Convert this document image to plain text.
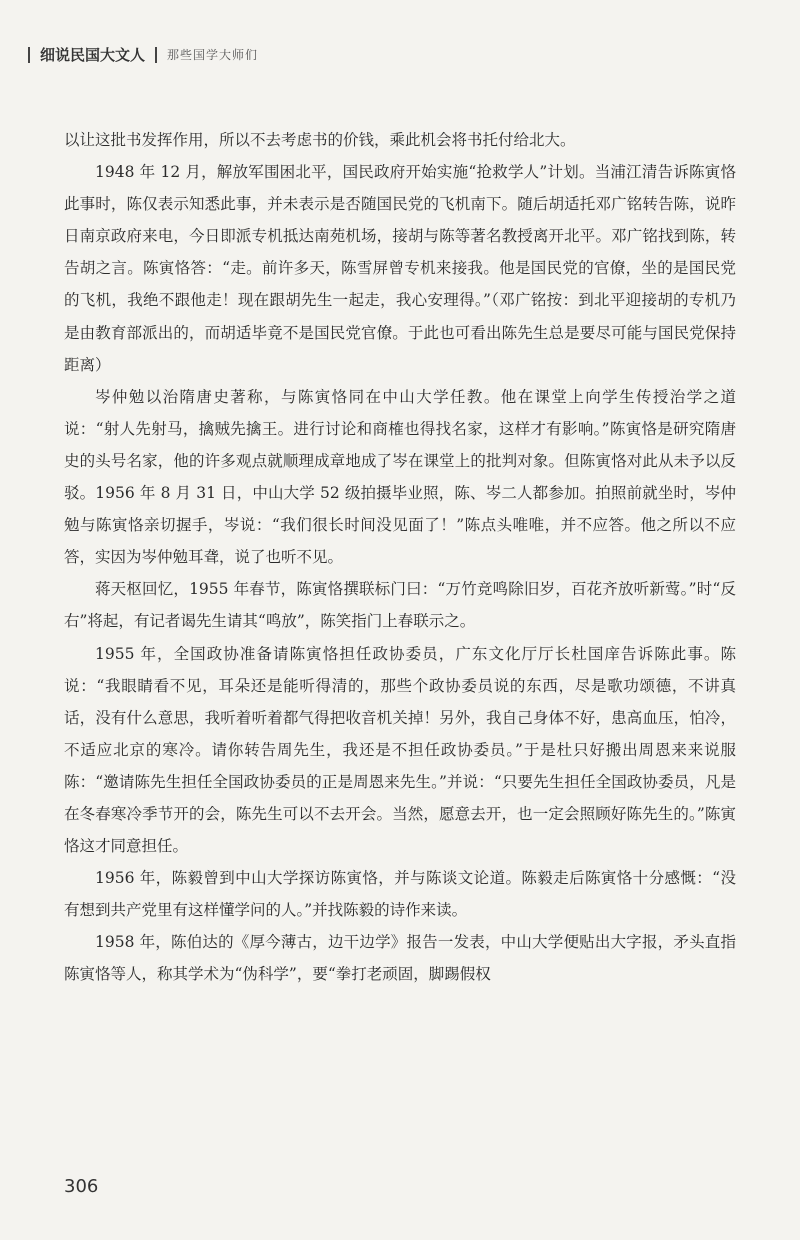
细说民国大文人 那些国学大师们

以让这批书发挥作用，所以不去考虑书的价钱，乘此机会将书托付给北大。

1948 年 12 月，解放军围困北平，国民政府开始实施“抢救学人”计划。当浦江清告诉陈寅恪此事时，陈仅表示知悉此事，并未表示是否随国民党的飞机南下。随后胡适托邓广铭转告陈，说昨日南京政府来电，今日即派专机抵达南苑机场，接胡与陈等著名教授离开北平。邓广铭找到陈，转告胡之言。陈寅恪答：“走。前许多天，陈雪屏曾专机来接我。他是国民党的官僚，坐的是国民党的飞机，我绝不跟他走！现在跟胡先生一起走，我心安理得。”（邓广铭按：到北平迎接胡的专机乃是由教育部派出的，而胡适毕竟不是国民党官僚。于此也可看出陈先生总是要尽可能与国民党保持距离）

岑仲勉以治隋唐史著称，与陈寅恪同在中山大学任教。他在课堂上向学生传授治学之道说：“射人先射马，擒贼先擒王。进行讨论和商榷也得找名家，这样才有影响。”陈寅恪是研究隋唐史的头号名家，他的许多观点就顺理成章地成了岑在课堂上的批判对象。但陈寅恪对此从未予以反驳。1956 年 8 月 31 日，中山大学 52 级拍摄毕业照，陈、岑二人都参加。拍照前就坐时，岑仲勉与陈寅恪亲切握手，岑说：“我们很长时间没见面了！”陈点头唯唯，并不应答。他之所以不应答，实因为岑仲勉耳聋，说了也听不见。

蒋天枢回忆，1955 年春节，陈寅恪撰联标门曰：“万竹竞鸣除旧岁，百花齐放听新莺。”时“反右”将起，有记者谒先生请其“鸣放”，陈笑指门上春联示之。

1955 年，全国政协准备请陈寅恪担任政协委员，广东文化厅厅长杜国庠告诉陈此事。陈说：“我眼睛看不见，耳朵还是能听得清的，那些个政协委员说的东西，尽是歌功颂德，不讲真话，没有什么意思，我听着听着都气得把收音机关掉！另外，我自己身体不好，患高血压，怕冷，不适应北京的寒冷。请你转告周先生，我还是不担任政协委员。”于是杜只好搬出周恩来来说服陈：“邀请陈先生担任全国政协委员的正是周恩来先生。”并说：“只要先生担任全国政协委员，凡是在冬春寒冷季节开的会，陈先生可以不去开会。当然，愿意去开，也一定会照顾好陈先生的。”陈寅恪这才同意担任。

1956 年，陈毅曾到中山大学探访陈寅恪，并与陈谈文论道。陈毅走后陈寅恪十分感慨：“没有想到共产党里有这样懂学问的人。”并找陈毅的诗作来读。

1958 年，陈伯达的《厚今薄古，边干边学》报告一发表，中山大学便贴出大字报，矛头直指陈寅恪等人，称其学术为“伪科学”，要“拳打老顽固，脚踢假权

306
